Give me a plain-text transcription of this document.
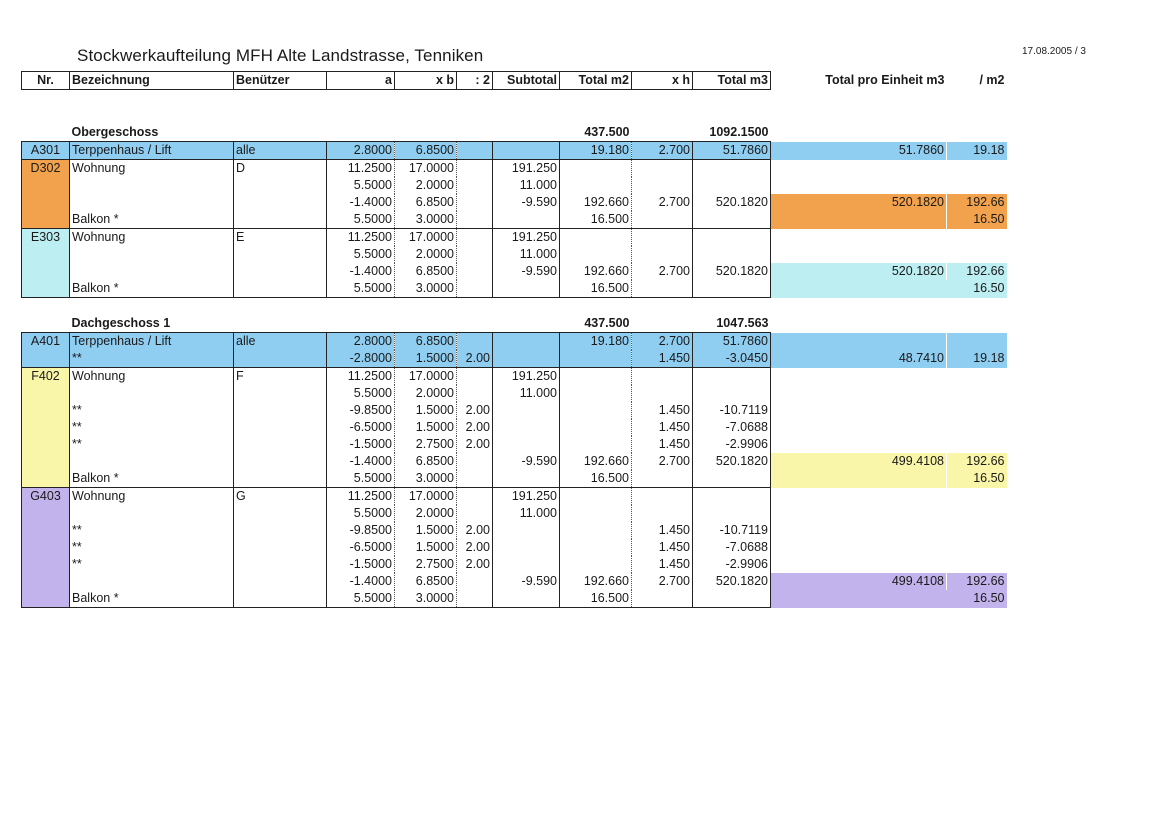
Stockwerkaufteilung MFH Alte Landstrasse, Tenniken	17.08.2005 / 3
Nr.	Bezeichnung	Benützer	a	x b	: 2	Subtotal	Total m2	x h	Total m3	Total pro Einheit m3	/ m2

	Obergeschoss						437.500		1092.1500		
A301	Terppenhaus / Lift	alle	2.8000	6.8500			19.180	2.700	51.7860	51.7860	19.18
D302	Wohnung	D	11.2500	17.0000		191.250					
			5.5000	2.0000		11.000					
			-1.4000	6.8500		-9.590	192.660	2.700	520.1820	520.1820	192.66
	Balkon *		5.5000	3.0000			16.500				16.50
E303	Wohnung	E	11.2500	17.0000		191.250					
			5.5000	2.0000		11.000					
			-1.4000	6.8500		-9.590	192.660	2.700	520.1820	520.1820	192.66
	Balkon *		5.5000	3.0000			16.500				16.50

	Dachgeschoss 1						437.500		1047.563		
A401	Terppenhaus / Lift	alle	2.8000	6.8500			19.180	2.700	51.7860		
	**		-2.8000	1.5000	2.00			1.450	-3.0450	48.7410	19.18
F402	Wohnung	F	11.2500	17.0000		191.250					
			5.5000	2.0000		11.000					
	**		-9.8500	1.5000	2.00			1.450	-10.7119		
	**		-6.5000	1.5000	2.00			1.450	-7.0688		
	**		-1.5000	2.7500	2.00			1.450	-2.9906		
			-1.4000	6.8500		-9.590	192.660	2.700	520.1820	499.4108	192.66
	Balkon *		5.5000	3.0000			16.500				16.50
G403	Wohnung	G	11.2500	17.0000		191.250					
			5.5000	2.0000		11.000					
	**		-9.8500	1.5000	2.00			1.450	-10.7119		
	**		-6.5000	1.5000	2.00			1.450	-7.0688		
	**		-1.5000	2.7500	2.00			1.450	-2.9906		
			-1.4000	6.8500		-9.590	192.660	2.700	520.1820	499.4108	192.66
	Balkon *		5.5000	3.0000			16.500				16.50
